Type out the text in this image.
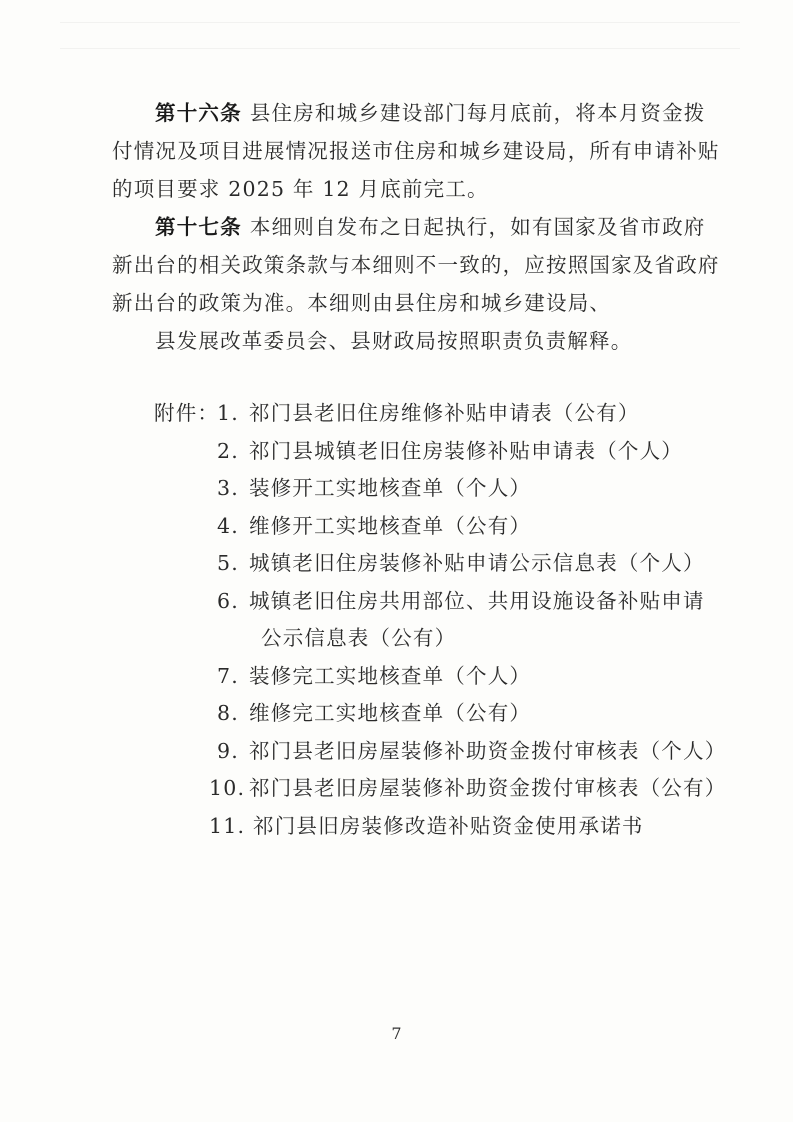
第十六条 县住房和城乡建设部门每月底前，将本月资金拨
付情况及项目进展情况报送市住房和城乡建设局，所有申请补贴
的项目要求 2025 年 12 月底前完工。
第十七条 本细则自发布之日起执行，如有国家及省市政府
新出台的相关政策条款与本细则不一致的，应按照国家及省政府
新出台的政策为准。本细则由县住房和城乡建设局、
县发展改革委员会、县财政局按照职责负责解释。
附件：
1. 祁门县老旧住房维修补贴申请表（公有）
2. 祁门县城镇老旧住房装修补贴申请表（个人）
3. 装修开工实地核查单（个人）
4. 维修开工实地核查单（公有）
5. 城镇老旧住房装修补贴申请公示信息表（个人）
6. 城镇老旧住房共用部位、共用设施设备补贴申请
公示信息表（公有）
7. 装修完工实地核查单（个人）
8. 维修完工实地核查单（公有）
9. 祁门县老旧房屋装修补助资金拨付审核表（个人）
10. 祁门县老旧房屋装修补助资金拨付审核表（公有）
11. 祁门县旧房装修改造补贴资金使用承诺书
7
